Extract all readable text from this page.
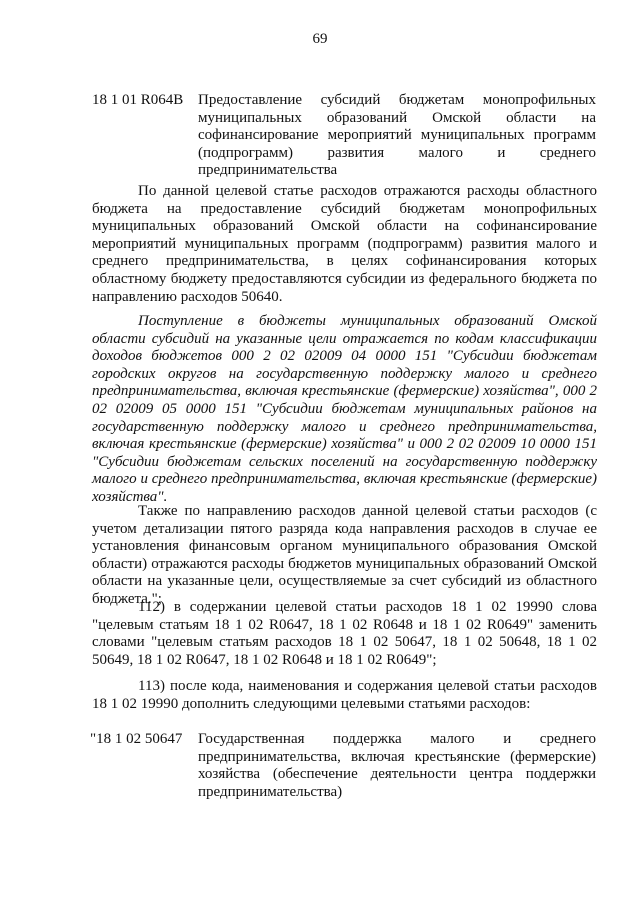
69
18 1 01 R064B Предоставление субсидий бюджетам монопрофильных муниципальных образований Омской области на софинансирование мероприятий муниципальных программ (подпрограмм) развития малого и среднего предпринимательства

По данной целевой статье расходов отражаются расходы областного бюджета на предоставление субсидий бюджетам монопрофильных муниципальных образований Омской области на софинансирование мероприятий муниципальных программ (подпрограмм) развития малого и среднего предпринимательства, в целях софинансирования которых областному бюджету предоставляются субсидии из федерального бюджета по направлению расходов 50640.

Поступление в бюджеты муниципальных образований Омской области субсидий на указанные цели отражается по кодам классификации доходов бюджетов 000 2 02 02009 04 0000 151 "Субсидии бюджетам городских округов на государственную поддержку малого и среднего предпринимательства, включая крестьянские (фермерские) хозяйства", 000 2 02 02009 05 0000 151 "Субсидии бюджетам муниципальных районов на государственную поддержку малого и среднего предпринимательства, включая крестьянские (фермерские) хозяйства" и 000 2 02 02009 10 0000 151 "Субсидии бюджетам сельских поселений на государственную поддержку малого и среднего предпринимательства, включая крестьянские (фермерские) хозяйства".

Также по направлению расходов данной целевой статьи расходов (с учетом детализации пятого разряда кода направления расходов в случае ее установления финансовым органом муниципального образования Омской области) отражаются расходы бюджетов муниципальных образований Омской области на указанные цели, осуществляемые за счет субсидий из областного бюджета.";

112) в содержании целевой статьи расходов 18 1 02 19990 слова "целевым статьям 18 1 02 R0647, 18 1 02 R0648 и 18 1 02 R0649" заменить словами "целевым статьям расходов 18 1 02 50647, 18 1 02 50648, 18 1 02 50649, 18 1 02 R0647, 18 1 02 R0648 и 18 1 02 R0649";

113) после кода, наименования и содержания целевой статьи расходов 18 1 02 19990 дополнить следующими целевыми статьями расходов:

"18 1 02 50647 Государственная поддержка малого и среднего предпринимательства, включая крестьянские (фермерские) хозяйства (обеспечение деятельности центра поддержки предпринимательства)
